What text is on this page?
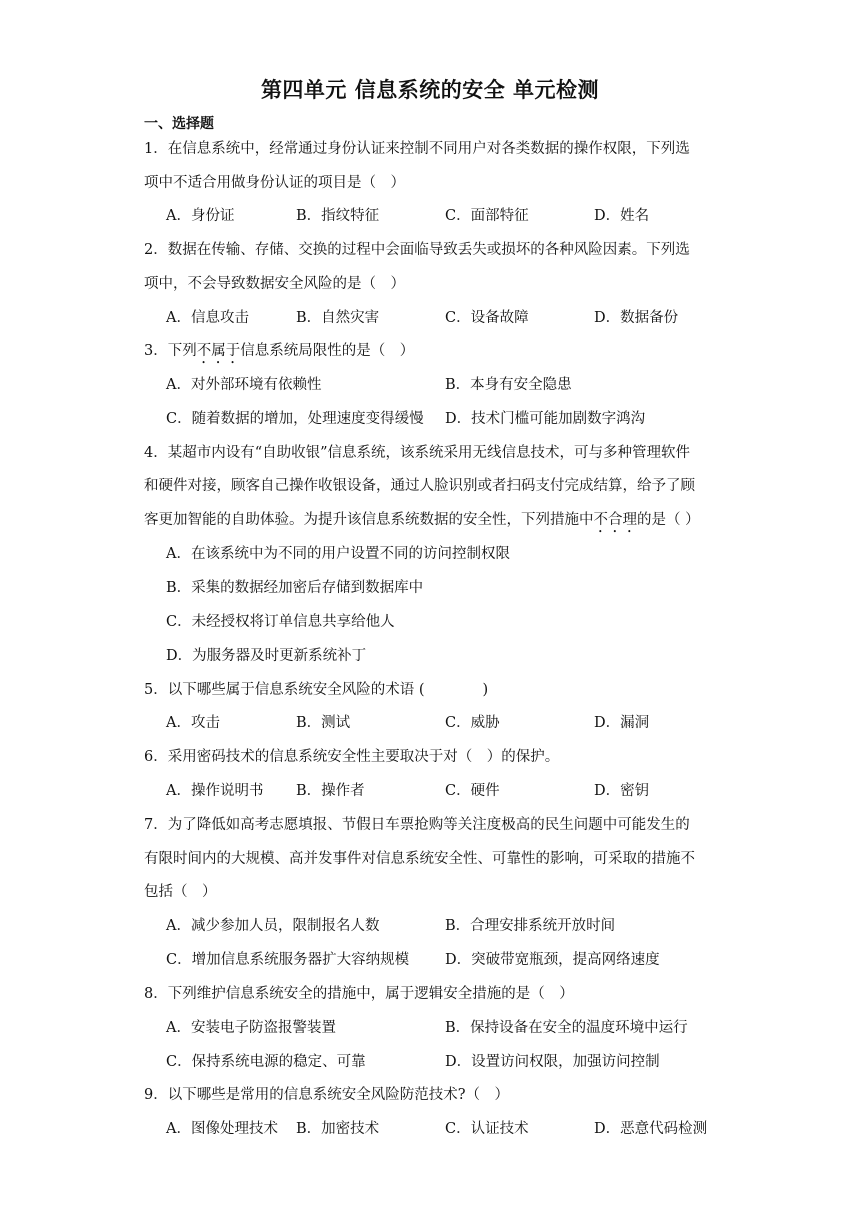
第四单元 信息系统的安全 单元检测
一、选择题
1．在信息系统中，经常通过身份认证来控制不同用户对各类数据的操作权限，下列选
项中不适合用做身份认证的项目是（　）
A．身份证	B．指纹特征	C．面部特征	D．姓名
2．数据在传输、存储、交换的过程中会面临导致丢失或损坏的各种风险因素。下列选
项中，不会导致数据安全风险的是（　）
A．信息攻击	B．自然灾害	C．设备故障	D．数据备份
3．下列不属于信息系统局限性的是（　）
A．对外部环境有依赖性	B．本身有安全隐患
C．随着数据的增加，处理速度变得缓慢 D．技术门槛可能加剧数字鸿沟
4．某超市内设有“自助收银”信息系统，该系统采用无线信息技术，可与多种管理软件
和硬件对接，顾客自己操作收银设备，通过人脸识别或者扫码支付完成结算，给予了顾
客更加智能的自助体验。为提升该信息系统数据的安全性，下列措施中不合理的是（ ）
A．在该系统中为不同的用户设置不同的访问控制权限
B．采集的数据经加密后存储到数据库中
C．未经授权将订单信息共享给他人
D．为服务器及时更新系统补丁
5．以下哪些属于信息系统安全风险的术语 (　　　　)
A．攻击	B．测试	C．威胁	D．漏洞
6．采用密码技术的信息系统安全性主要取决于对（　）的保护。
A．操作说明书 B．操作者	C．硬件	D．密钥
7．为了降低如高考志愿填报、节假日车票抢购等关注度极高的民生问题中可能发生的
有限时间内的大规模、高并发事件对信息系统安全性、可靠性的影响，可采取的措施不
包括（　）
A．减少参加人员，限制报名人数	B．合理安排系统开放时间
C．增加信息系统服务器扩大容纳规模 D．突破带宽瓶颈，提高网络速度
8．下列维护信息系统安全的措施中，属于逻辑安全措施的是（　）
A．安装电子防盗报警装置	B．保持设备在安全的温度环境中运行
C．保持系统电源的稳定、可靠	D．设置访问权限，加强访问控制
9．以下哪些是常用的信息系统安全风险防范技术?（　）
A．图像处理技术 B．加密技术	C．认证技术	D．恶意代码检测
